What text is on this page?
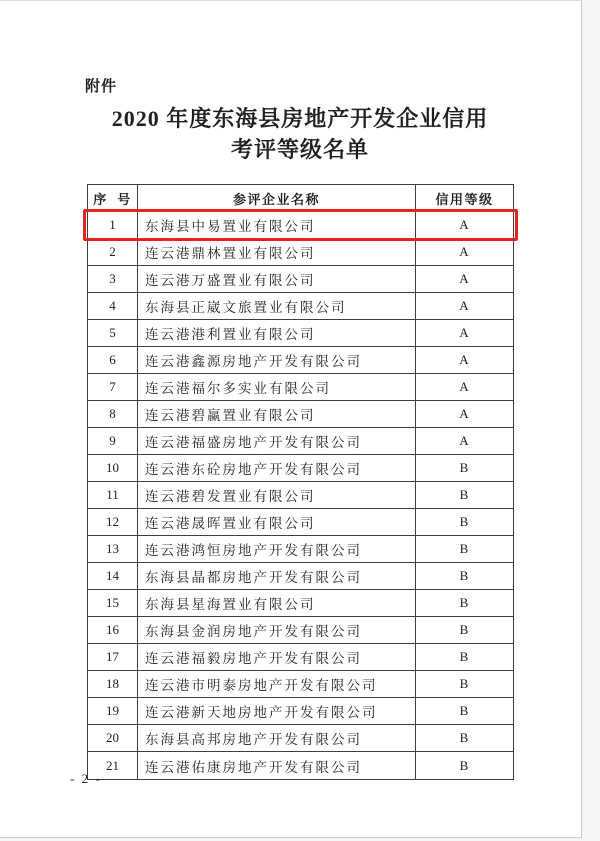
附件
2020 年度东海县房地产开发企业信用
考评等级名单
序  号	参评企业名称	信用等级
1	东海县中易置业有限公司	A
2	连云港鼎林置业有限公司	A
3	连云港万盛置业有限公司	A
4	东海县正崴文旅置业有限公司	A
5	连云港港利置业有限公司	A
6	连云港鑫源房地产开发有限公司	A
7	连云港福尔多实业有限公司	A
8	连云港碧赢置业有限公司	A
9	连云港福盛房地产开发有限公司	A
10	连云港东砼房地产开发有限公司	B
11	连云港碧发置业有限公司	B
12	连云港晟晖置业有限公司	B
13	连云港鸿恒房地产开发有限公司	B
14	东海县晶都房地产开发有限公司	B
15	东海县星海置业有限公司	B
16	东海县金润房地产开发有限公司	B
17	连云港福毅房地产开发有限公司	B
18	连云港市明泰房地产开发有限公司	B
19	连云港新天地房地产开发有限公司	B
20	东海县高邦房地产开发有限公司	B
21	连云港佑康房地产开发有限公司	B
- 2 -
